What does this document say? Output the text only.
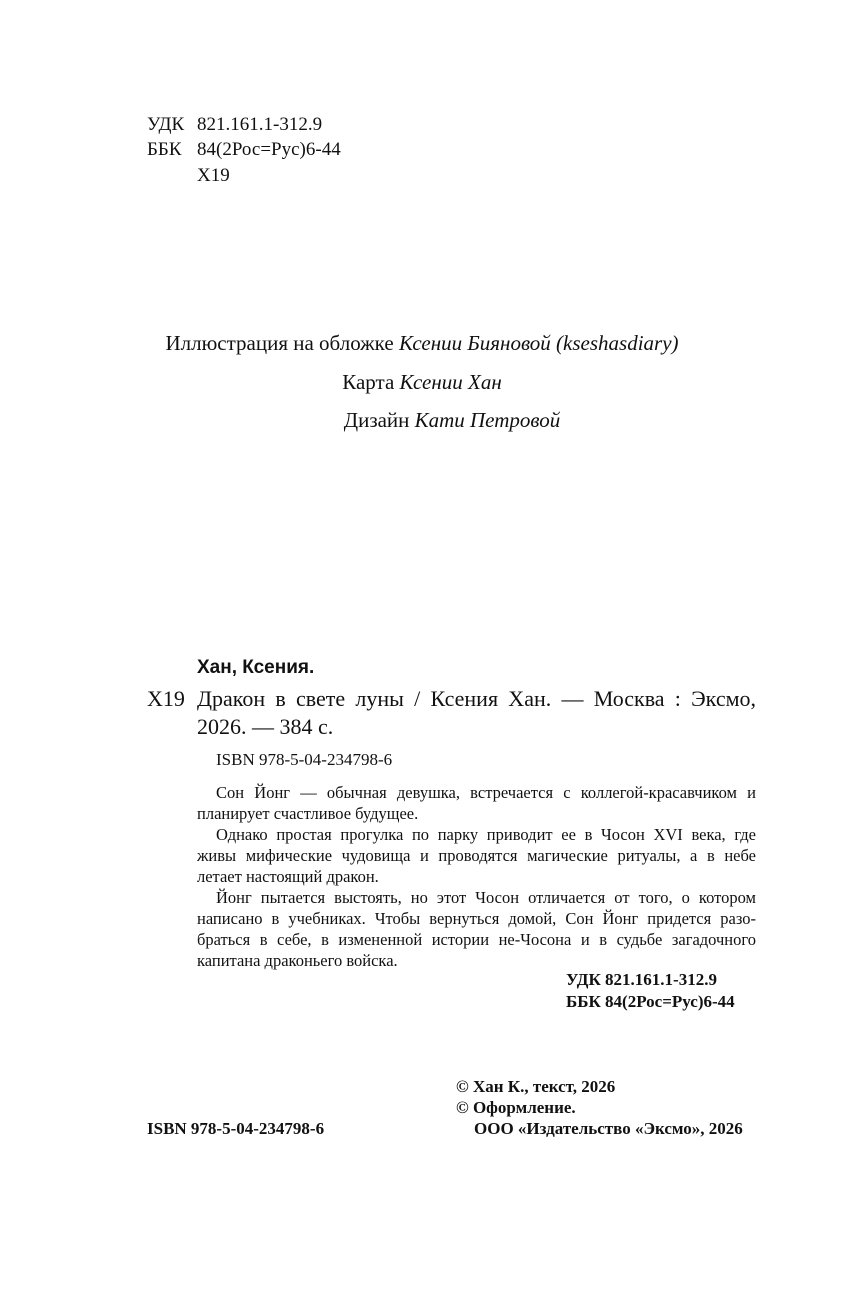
УДК 821.161.1-312.9
ББК 84(2Рос=Рус)6-44
Х19
Иллюстрация на обложке Ксении Бияновой (kseshasdiary)
Карта Ксении Хан
Дизайн Кати Петровой
Хан, Ксения.
Х19 Дракон в свете луны / Ксения Хан. — Москва : Эксмо,
2026. — 384 с.
ISBN 978-5-04-234798-6
Сон Йонг — обычная девушка, встречается с коллегой-красавчиком и
планирует счастливое будущее.
Однако простая прогулка по парку приводит ее в Чосон XVI века, где
живы мифические чудовища и проводятся магические ритуалы, а в небе
летает настоящий дракон.
Йонг пытается выстоять, но этот Чосон отличается от того, о котором
написано в учебниках. Чтобы вернуться домой, Сон Йонг придется разо-
браться в себе, в измененной истории не-Чосона и в судьбе загадочного
капитана драконьего войска.
УДК 821.161.1-312.9
ББК 84(2Рос=Рус)6-44
© Хан К., текст, 2026
© Оформление.
ISBN 978-5-04-234798-6	ООО «Издательство «Эксмо», 2026
